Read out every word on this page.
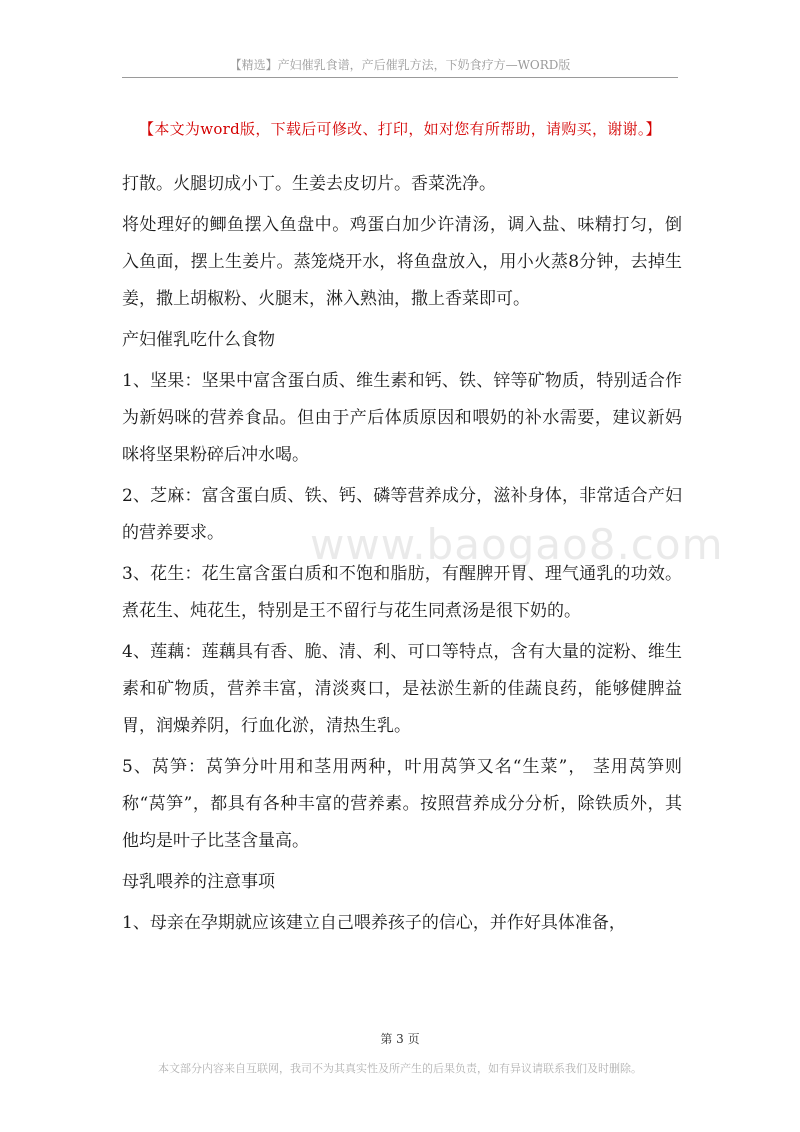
【精选】产妇催乳食谱，产后催乳方法，下奶食疗方—WORD版
【本文为word版，下载后可修改、打印，如对您有所帮助，请购买，谢谢。】
www.baogao8.com

打散。火腿切成小丁。生姜去皮切片。香菜洗净。

将处理好的鲫鱼摆入鱼盘中。鸡蛋白加少许清汤，调入盐、味精打匀，倒入鱼面，摆上生姜片。蒸笼烧开水，将鱼盘放入，用小火蒸8分钟，去掉生姜，撒上胡椒粉、火腿末，淋入熟油，撒上香菜即可。

产妇催乳吃什么食物

1、坚果：坚果中富含蛋白质、维生素和钙、铁、锌等矿物质，特别适合作为新妈咪的营养食品。但由于产后体质原因和喂奶的补水需要，建议新妈咪将坚果粉碎后冲水喝。

2、芝麻：富含蛋白质、铁、钙、磷等营养成分，滋补身体，非常适合产妇的营养要求。

3、花生：花生富含蛋白质和不饱和脂肪，有醒脾开胃、理气通乳的功效。煮花生、炖花生，特别是王不留行与花生同煮汤是很下奶的。

4、莲藕：莲藕具有香、脆、清、利、可口等特点，含有大量的淀粉、维生素和矿物质，营养丰富，清淡爽口，是祛淤生新的佳蔬良药，能够健脾益胃，润燥养阴，行血化淤，清热生乳。

5、莴笋：莴笋分叶用和茎用两种，叶用莴笋又名“生菜”， 茎用莴笋则称“莴笋”，都具有各种丰富的营养素。按照营养成分分析，除铁质外，其他均是叶子比茎含量高。

母乳喂养的注意事项

1、母亲在孕期就应该建立自己喂养孩子的信心，并作好具体准备，

第 3 页
本文部分内容来自互联网，我司不为其真实性及所产生的后果负责，如有异议请联系我们及时删除。
